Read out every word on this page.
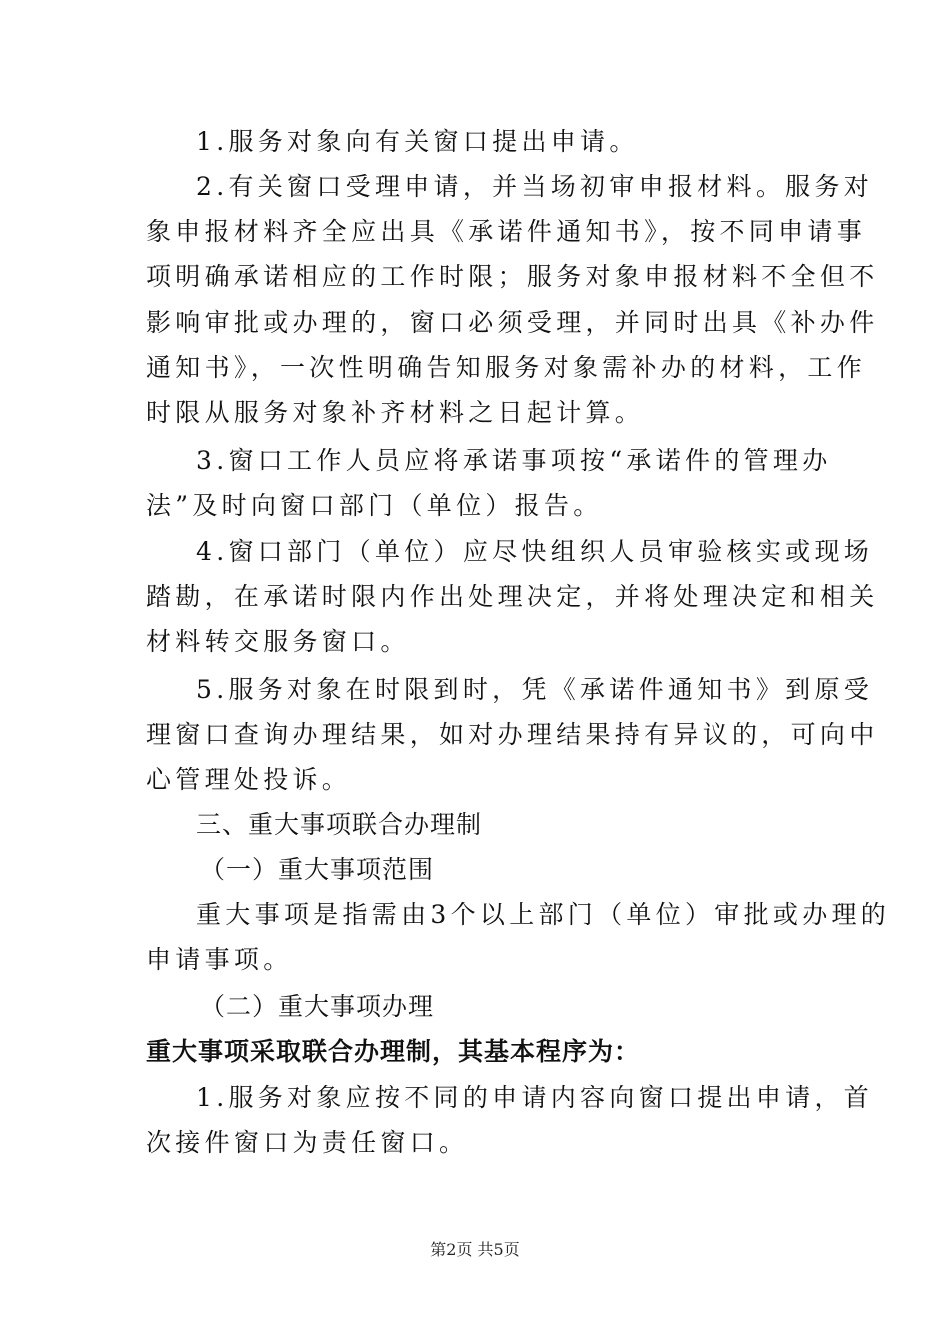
1.服务对象向有关窗口提出申请。
2.有关窗口受理申请，并当场初审申报材料。服务对
象申报材料齐全应出具《承诺件通知书》，按不同申请事
项明确承诺相应的工作时限；服务对象申报材料不全但不
影响审批或办理的，窗口必须受理，并同时出具《补办件
通知书》，一次性明确告知服务对象需补办的材料，工作
时限从服务对象补齐材料之日起计算。
3.窗口工作人员应将承诺事项按“承诺件的管理办
法”及时向窗口部门（单位）报告。
4.窗口部门（单位）应尽快组织人员审验核实或现场
踏勘，在承诺时限内作出处理决定，并将处理决定和相关
材料转交服务窗口。
5.服务对象在时限到时，凭《承诺件通知书》到原受
理窗口查询办理结果，如对办理结果持有异议的，可向中
心管理处投诉。
三、重大事项联合办理制
（一）重大事项范围
重大事项是指需由3个以上部门（单位）审批或办理的
申请事项。
（二）重大事项办理
重大事项采取联合办理制，其基本程序为：
1.服务对象应按不同的申请内容向窗口提出申请，首
次接件窗口为责任窗口。
第2页 共5页
